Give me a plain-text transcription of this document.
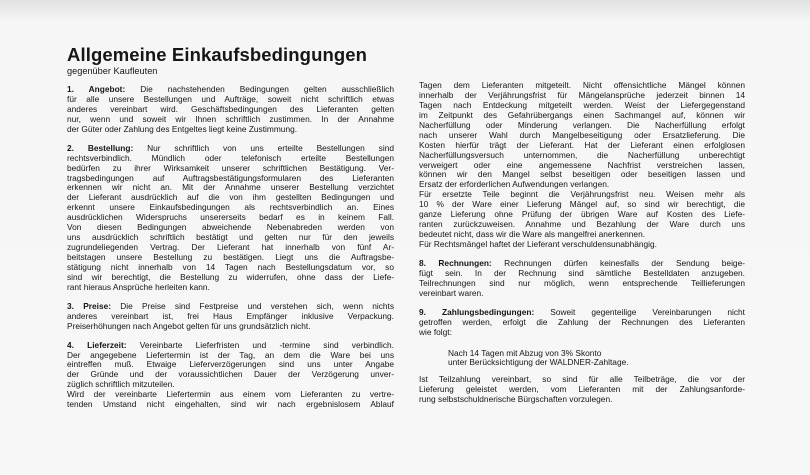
Allgemeine Einkaufsbedingungen
gegenüber Kaufleuten
1. Angebot: Die nachstehenden Bedingungen gelten ausschließlich
für alle unsere Bestellungen und Aufträge, soweit nicht schriftlich etwas
anderes vereinbart wird. Geschäftsbedingungen des Lieferanten gelten
nur, wenn und soweit wir Ihnen schriftlich zustimmen. In der Annahme
der Güter oder Zahlung des Entgeltes liegt keine Zustimmung.
2. Bestellung: Nur schriftlich von uns erteilte Bestellungen sind
rechtsverbindlich. Mündlich oder telefonisch erteilte Bestellungen
bedürfen zu ihrer Wirksamkeit unserer schriftlichen Bestätigung. Ver-
tragsbedingungen auf Auftragsbestätigungsformularen des Lieferanten
erkennen wir nicht an. Mit der Annahme unserer Bestellung verzichtet
der Lieferant ausdrücklich auf die von ihm gestellten Bedingungen und
erkennt unsere Einkaufsbedingungen als rechtsverbindlich an. Eines
ausdrücklichen Widerspruchs unsererseits bedarf es in keinem Fall.
Von diesen Bedingungen abweichende Nebenabreden werden von
uns ausdrücklich schriftlich bestätigt und gelten nur für den jeweils
zugrundeliegenden Vertrag. Der Lieferant hat innerhalb von fünf Ar-
beitstagen unsere Bestellung zu bestätigen. Liegt uns die Auftragsbe-
stätigung nicht innerhalb von 14 Tagen nach Bestellungsdatum vor, so
sind wir berechtigt, die Bestellung zu widerrufen, ohne dass der Liefe-
rant hieraus Ansprüche herleiten kann.
3. Preise: Die Preise sind Festpreise und verstehen sich, wenn nichts
anderes vereinbart ist, frei Haus Empfänger inklusive Verpackung.
Preiserhöhungen nach Angebot gelten für uns grundsätzlich nicht.
4. Lieferzeit: Vereinbarte Lieferfristen und -termine sind verbindlich.
Der angegebene Liefertermin ist der Tag, an dem die Ware bei uns
eintreffen muß. Etwaige Lieferverzögerungen sind uns unter Angabe
der Gründe und der voraussichtlichen Dauer der Verzögerung unver-
züglich schriftlich mitzuteilen.
Wird der vereinbarte Liefertermin aus einem vom Lieferanten zu vertre-
tenden Umstand nicht eingehalten, sind wir nach ergebnislosem Ablauf
Tagen dem Lieferanten mitgeteilt. Nicht offensichtliche Mängel können
innerhalb der Verjährungsfrist für Mängelansprüche jederzeit binnen 14
Tagen nach Entdeckung mitgeteilt werden. Weist der Liefergegenstand
im Zeitpunkt des Gefahrübergangs einen Sachmangel auf, können wir
Nacherfüllung oder Minderung verlangen. Die Nacherfüllung erfolgt
nach unserer Wahl durch Mangelbeseitigung oder Ersatzlieferung. Die
Kosten hierfür trägt der Lieferant. Hat der Lieferant einen erfolglosen
Nacherfüllungsversuch unternommen, die Nacherfüllung unberechtigt
verweigert oder eine angemessene Nachfrist verstreichen lassen,
können wir den Mangel selbst beseitigen oder beseitigen lassen und
Ersatz der erforderlichen Aufwendungen verlangen.
Für ersetzte Teile beginnt die Verjährungsfrist neu. Weisen mehr als
10 % der Ware einer Lieferung Mängel auf, so sind wir berechtigt, die
ganze Lieferung ohne Prüfung der übrigen Ware auf Kosten des Liefe-
ranten zurückzuweisen. Annahme und Bezahlung der Ware durch uns
bedeutet nicht, dass wir die Ware als mangelfrei anerkennen.
Für Rechtsmängel haftet der Lieferant verschuldensunabhängig.
8. Rechnungen: Rechnungen dürfen keinesfalls der Sendung beige-
fügt sein. In der Rechnung sind sämtliche Bestelldaten anzugeben.
Teilrechnungen sind nur möglich, wenn entsprechende Teillieferungen
vereinbart waren.
9. Zahlungsbedingungen: Soweit gegenteilige Vereinbarungen nicht
getroffen werden, erfolgt die Zahlung der Rechnungen des Lieferanten
wie folgt:
Nach 14 Tagen mit Abzug von 3% Skonto
unter Berücksichtigung der WALDNER-Zahltage.
Ist Teilzahlung vereinbart, so sind für alle Teilbeträge, die vor der
Lieferung geleistet werden, vom Lieferanten mit der Zahlungsanforde-
rung selbstschuldnerische Bürgschaften vorzulegen.
